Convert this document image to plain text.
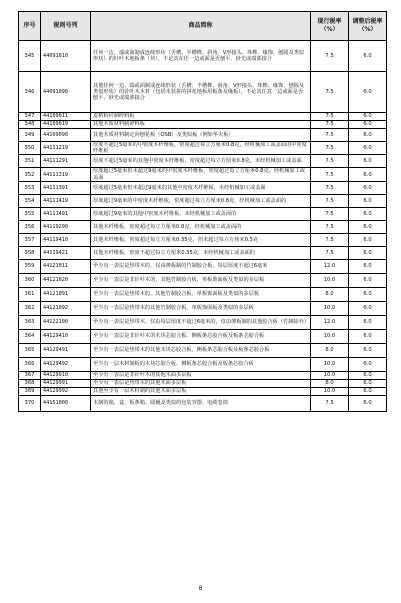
序号	税则号列	商品简称	现行税率（%）	调整后税率（%）
345	44091010	任何一边、端或面制成连续形状（舌槽、半槽榫、斜角、V形接头、珠榫、缘饰、刨圆及类似形状）的针叶木地板条（块），不论其在任一边或面是否刨平、砂光或端部接合	7.5	6.0
346	44091090	其他任何一边、端或面制成连续形状（舌槽、半槽榫、斜角、V形接头、珠榫、缘饰、刨圆及类似形状）的针叶木木材（包括未装拼的拼花地板用板条及缘板），不论其任意一边或面是否刨平、砂光或端部接合	7.5	6.0
347	44109011	麦稻秸秆制碎料板	7.5	6.0
348	44109019	其他木质材料制碎料板	7.5	6.0
349	44109090	其他木质材料制定向刨花板（OSB）及类似板（例如华夫板）	7.5	6.0
350	44111219	厚度不超过5毫米的中密度木纤维板，密度超过每立方厘米0.8克，经机械加工或盖面的中密度纤维板	7.5	6.0
351	44111291	厚度不超过5毫米的其他中密度木纤维板，密度超过每立方厘米0.8克，未经机械加工或盖面	7.5	6.0
352	44111319	厚度超过5毫米但未超过9毫米的中密度木纤维板，密度超过每立方厘米0.8克，经机械加工或盖面	7.5	6.0
353	44111391	厚度超过5毫米但未超过9毫米的其他中密度木纤维板，未经机械加工或盖面	7.5	6.0
354	44111419	厚度超过9毫米的中密度木纤维板，密度超过每立方厘米0.8克，经机械加工或盖面的	7.5	6.0
355	44111491	厚度超过9毫米的其他中密度木纤维板，未经机械加工或盖面的	7.5	6.0
356	44119290	其他木纤维板，密度超过每立方厘米0.8克，经机械加工或盖面的	7.5	6.0
357	44119410	其他木纤维板，密度超过每立方厘米0.35克，但未超过每立方厘米0.5克	7.5	6.0
358	44119421	其他木纤维板，密度不超过每立方厘米0.35克，未经机械加工或盖面的	7.5	6.0
359	44121011	至少有一表层是热带木的，仅由薄板制的竹制胶合板，每层厚度不超过6毫米	12.0	6.0
360	44121020	至少有一表层是非针叶木的，其他竹制胶合板、单板饰面板及类似的多层板	10.0	6.0
361	44121091	至少有一表层是热带木的，其他竹制胶合板、单板饰面板及类似的多层板	8.0	6.0
362	44121092	至少有一表层是热带木的其他竹制胶合板、单板饰面板及类似的多层板	10.0	6.0
363	44122100	至少有一表层是热带木，仅由每层厚度不超过6毫米的，仅由薄板制的其他胶合板（竹制除外）	12.0	6.0
364	44129410	至少有一表层是非针叶木的木块芯胶合板、侧板条芯胶合板及板条芯胶合板	10.0	6.0
365	44129491	至少有一表层是热带木的其他木块芯胶合板、侧板条芯胶合板及板条芯胶合板	8.0	6.0
366	44129492	至少有一层木材制板的木块芯胶合板、侧板条芯胶合板及板条芯胶合板	10.0	6.0
367	44129910	至少有一表层是非针叶木的其他木面多层板	10.0	6.0
368	44129991	至少有一表层是热带木的其他木面多层板	8.0	6.0
369	44129992	其他至少有一层木材制的其他木面多层板	10.0	6.0
370	44151000	木制的箱、盒、板条箱、圆桶及类似的包装容器，电缆卷筒	7.5	6.0
8
